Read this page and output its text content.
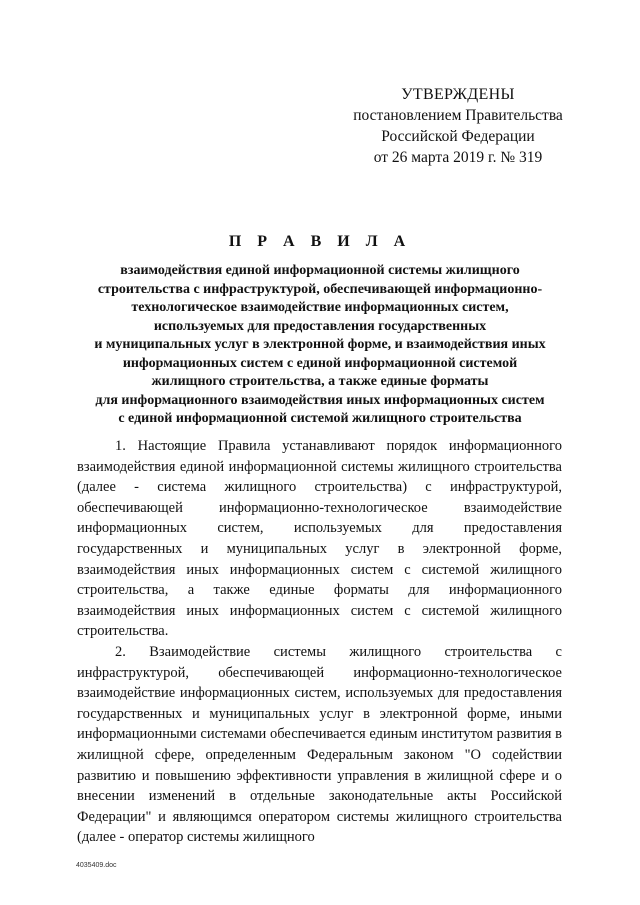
УТВЕРЖДЕНЫ
постановлением Правительства
Российской Федерации
от 26 марта 2019 г. № 319
П Р А В И Л А
взаимодействия единой информационной системы жилищного
строительства с инфраструктурой, обеспечивающей информационно-
технологическое взаимодействие информационных систем,
используемых для предоставления государственных
и муниципальных услуг в электронной форме, и взаимодействия иных
информационных систем с единой информационной системой
жилищного строительства, а также единые форматы
для информационного взаимодействия иных информационных систем
с единой информационной системой жилищного строительства

1. Настоящие Правила устанавливают порядок информационного взаимодействия единой информационной системы жилищного строительства (далее - система жилищного строительства) с инфраструктурой, обеспечивающей информационно-технологическое взаимодействие информационных систем, используемых для предоставления государственных и муниципальных услуг в электронной форме, взаимодействия иных информационных систем с системой жилищного строительства, а также единые форматы для информационного взаимодействия иных информационных систем с системой жилищного строительства.

2. Взаимодействие системы жилищного строительства с инфраструктурой, обеспечивающей информационно-технологическое взаимодействие информационных систем, используемых для предоставления государственных и муниципальных услуг в электронной форме, иными информационными системами обеспечивается единым институтом развития в жилищной сфере, определенным Федеральным законом "О содействии развитию и повышению эффективности управления в жилищной сфере и о внесении изменений в отдельные законодательные акты Российской Федерации" и являющимся оператором системы жилищного строительства (далее - оператор системы жилищного

4035409.doc
